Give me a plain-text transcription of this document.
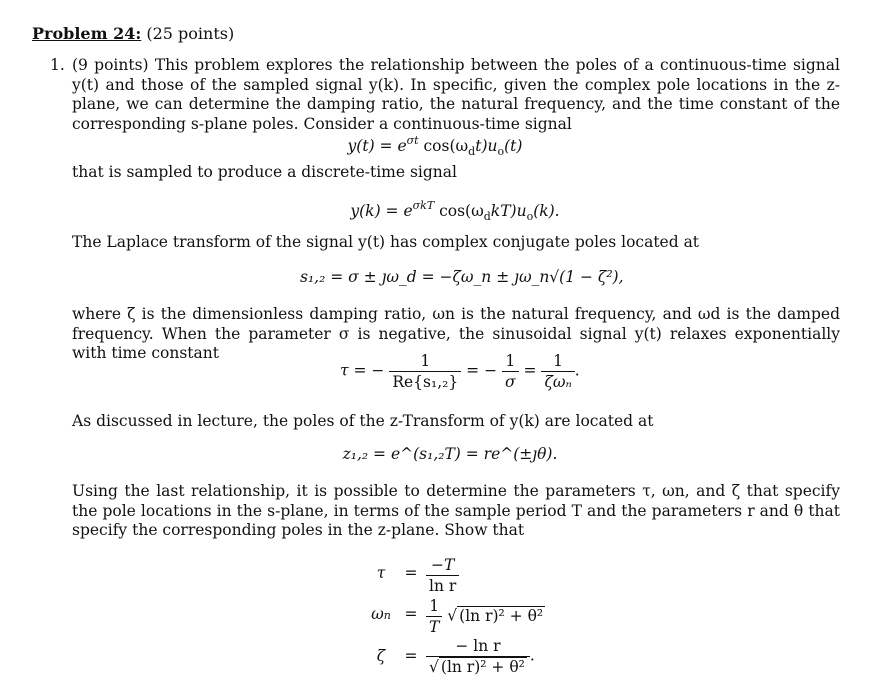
Problem 24: (25 points)
1. (9 points) This problem explores the relationship between the poles of a continuous-time signal y(t) and those of the sampled signal y(k). In specific, given the complex pole locations in the z-plane, we can determine the damping ratio, the natural frequency, and the time constant of the corresponding s-plane poles. Consider a continuous-time signal
$y(t) = e^{\sigma t}$ $\cos(\omega_dt)u_o(t)$
that is sampled to produce a discrete-time signal
$y(k) = e^{\sigma kT}$ $\cos(\omega_dkT)u_o(k)$.
The Laplace transform of the signal y(t) has complex conjugate poles located at
s₁,₂ = σ ± ȷω_d = −ζω_n ± ȷω_n√(1 − ζ²),
where ζ is the dimensionless damping ratio, ωn is the natural frequency, and ωd is the damped frequency. When the parameter σ is negative, the sinusoidal signal y(t) relaxes exponentially with time constant
τ = − $\frac{1}{\text{Re\{s₁,₂\}}}$ = − $\frac{1}{\sigma} = \frac{1}{\text{ζωₙ}}$ .
As discussed in lecture, the poles of the z-Transform of y(k) are located at
z₁,₂ = e^(s₁,₂T) = re^(±ȷθ).
Using the last relationship, it is possible to determine the parameters τ, ωn, and ζ that specify the pole locations in the s-plane, in terms of the sample period T and the parameters r and θ that specify the corresponding poles in the z-plane. Show that
τ	= $\frac{-T}{\text{ln r}}$
$\omega n = \frac{1}{T}$ √ (ln r)² + θ²
ζ	= $\frac{\text{− ln r}}{\text{√ (ln r)² + θ²}}$ .
